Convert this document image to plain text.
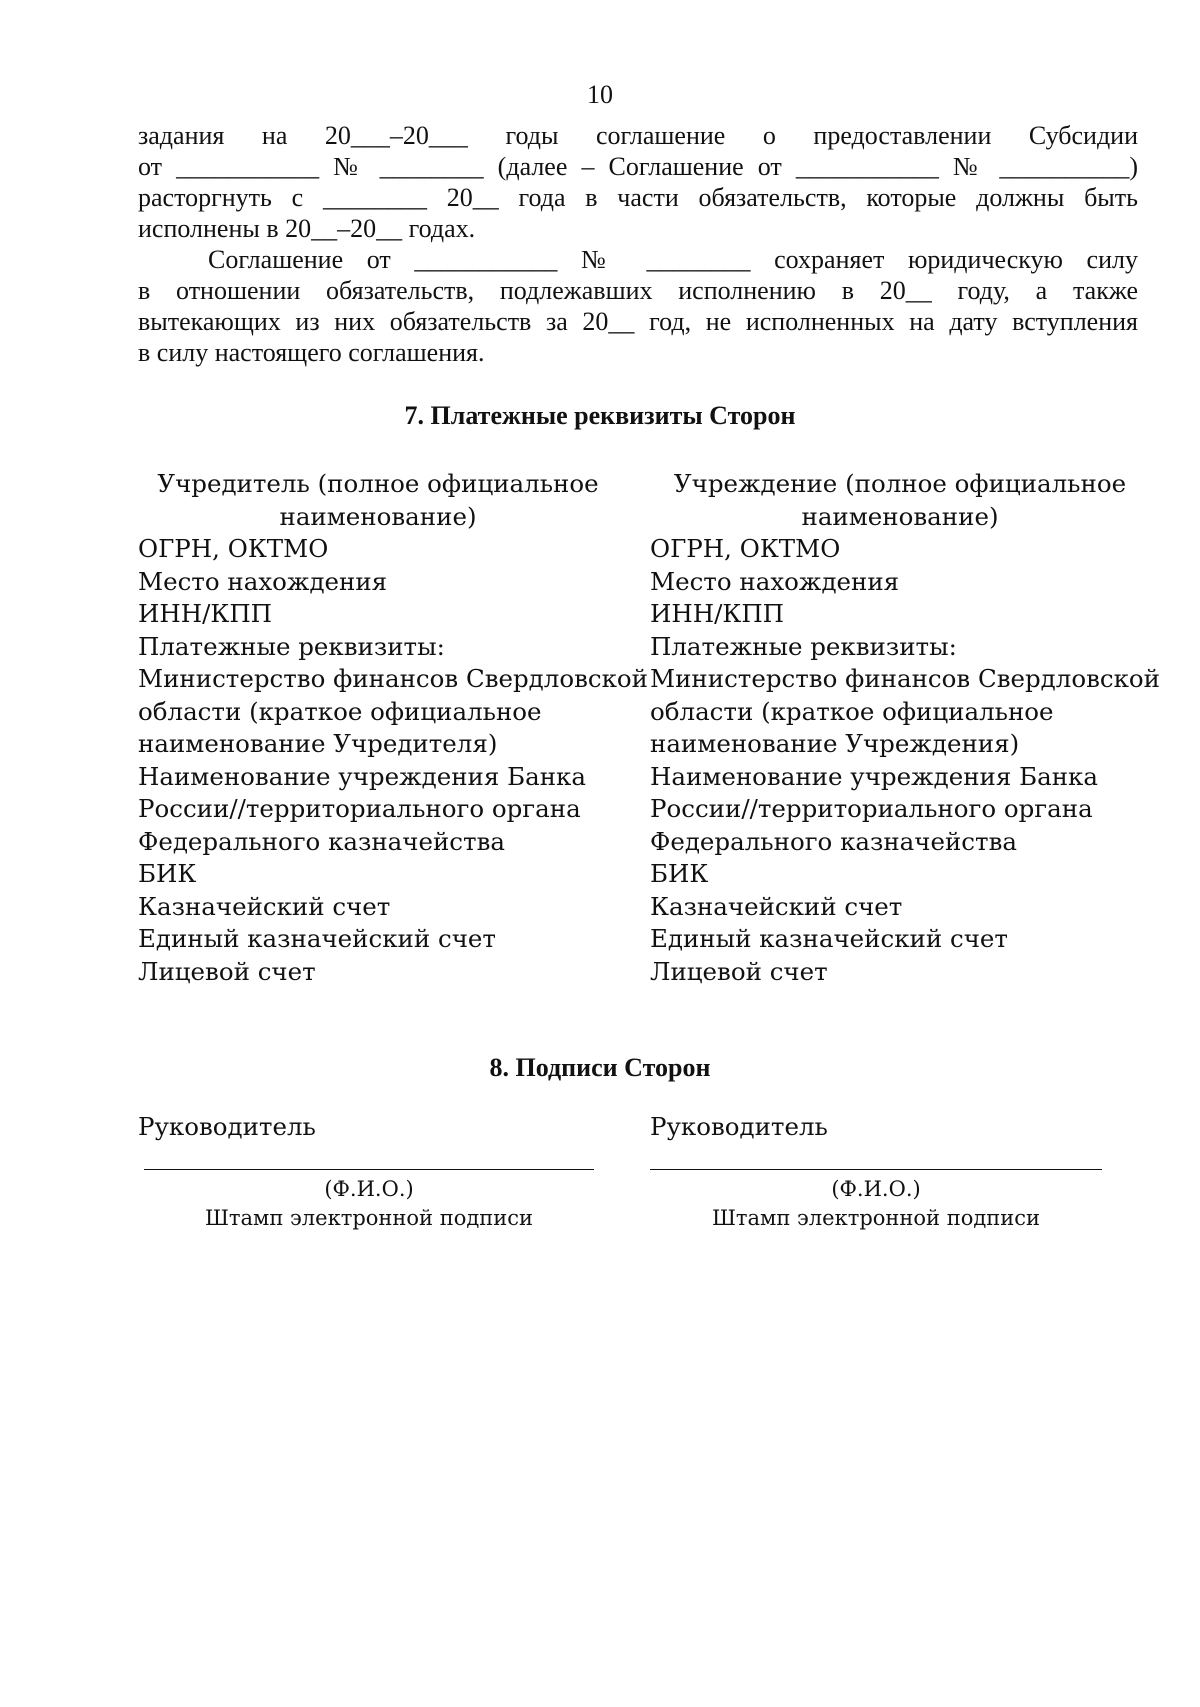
10
задания на 20___–20___ годы соглашение о предоставлении Субсидии
от ___________ № ________ (далее – Соглашение от ___________ № __________)
расторгнуть с ________ 20__ года в части обязательств, которые должны быть
исполнены в 20__–20__ годах.
Соглашение от ___________ № ________ сохраняет юридическую силу
в отношении обязательств, подлежавших исполнению в 20__ году, а также
вытекающих из них обязательств за 20__ год, не исполненных на дату вступления
в силу настоящего соглашения.
7. Платежные реквизиты Сторон
Учредитель (полное официальное
наименование)
ОГРН, ОКТМО
Место нахождения
ИНН/КПП
Платежные реквизиты:
Министерство финансов Свердловской
области (краткое официальное
наименование Учредителя)
Наименование учреждения Банка
России//территориального органа
Федерального казначейства
БИК
Казначейский счет
Единый казначейский счет
Лицевой счет
Учреждение (полное официальное
наименование)
ОГРН, ОКТМО
Место нахождения
ИНН/КПП
Платежные реквизиты:
Министерство финансов Свердловской
области (краткое официальное
наименование Учреждения)
Наименование учреждения Банка
России//территориального органа
Федерального казначейства
БИК
Казначейский счет
Единый казначейский счет
Лицевой счет
8. Подписи Сторон
Руководитель	Руководитель
(Ф.И.О.)
Штамп электронной подписи
(Ф.И.О.)
Штамп электронной подписи
